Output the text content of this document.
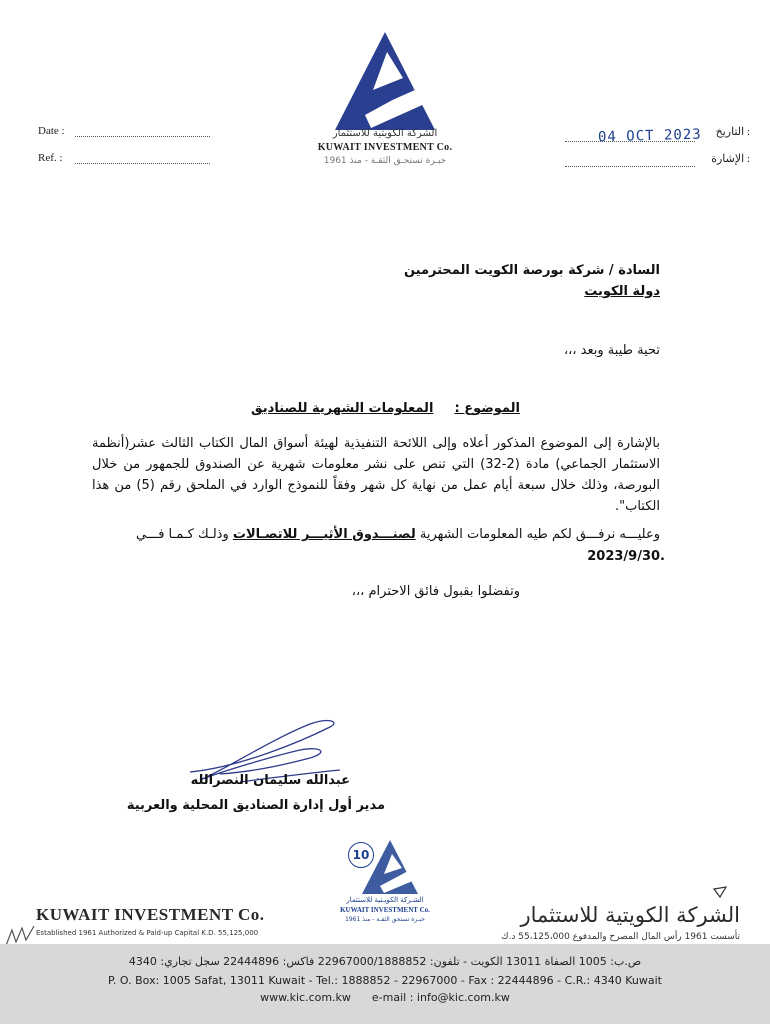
الشركة الكويتية للاستثمار
KUWAIT INVESTMENT Co.
خبـرة تستحـق الثقـة - منذ 1961
Date :
Ref. :
: التاريخ
04 OCT 2023
: الإشارة
السادة / شركة بورصة الكويت المحترمين
دولة الكويت
تحية طيبة وبعد ،،،
الموضوع :  المعلومات الشهرية للصناديق
بالإشارة إلى الموضوع المذكور أعلاه وإلى اللائحة التنفيذية لهيئة أسواق المال الكتاب الثالث عشر(أنظمة الاستثمار الجماعي) مادة (2-32) التي تنص على نشر معلومات شهرية عن الصندوق للجمهور من خلال البورصة، وذلك خلال سبعة أيام عمل من نهاية كل شهر وفقاً للنموذج الوارد في الملحق رقم (5) من هذا الكتاب".
وعليـــه نرفـــق لكم طيه المعلومات الشهرية لصنـــدوق الأثيـــر للاتصـالات وذلـك كـمـا فـــي
2023/9/30.
وتفضلوا بقبول فائق الاحترام ،،،
عبدالله سليمان النصرالله
مدير أول إدارة الصناديق المحلية والعربية
10
الشـركة الكويـتية للاستثمار
KUWAIT INVESTMENT Co.
خبـرة تستحق الثقـة - منذ 1961
KUWAIT INVESTMENT Co.
Established 1961 Authorized & Paid-up Capital K.D. 55,125,000
الشركة الكويتية للاستثمار
تأسست 1961 رأس المال المصرح والمدفوع 55،125،000 د.ك
ص.ب: 1005 الصفاة 13011 الكويت - تلفون: 22967000/1888852 فاكس: 22444896 سجل تجاري: 4340
P. O. Box: 1005 Safat, 13011 Kuwait - Tel.: 1888852 - 22967000 - Fax : 22444896 - C.R.: 4340 Kuwait
www.kic.com.kw      e-mail : info@kic.com.kw
